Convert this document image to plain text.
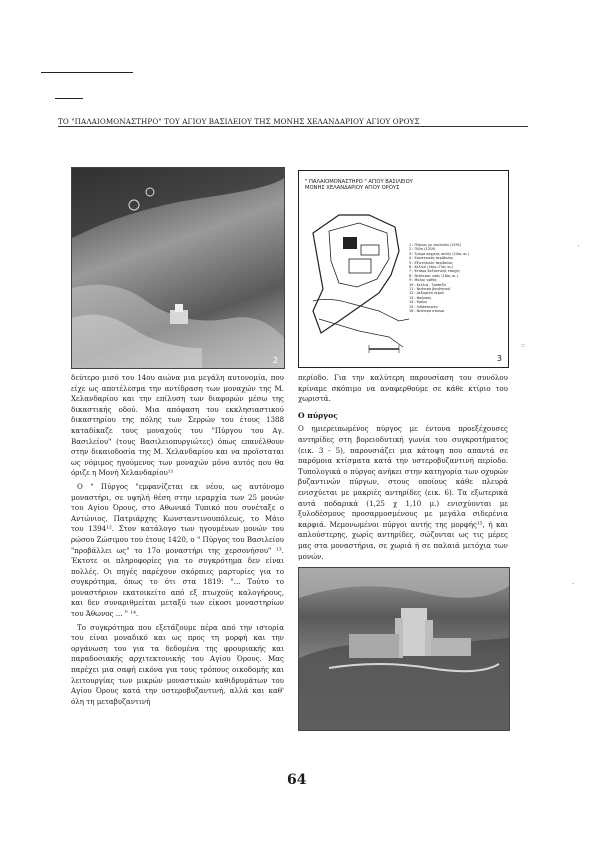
'
::
-
ΤΟ "ΠΑΛΑΙΟΜΟΝΑΣΤΗΡΟ" ΤΟΥ ΑΓΙΟΥ ΒΑΣΙΛΕΙΟΥ ΤΗΣ ΜΟΝΗΣ ΧΕΛΑΝΔΑΡΙΟΥ ΑΓΙΟΥ ΟΡΟΥΣ
2
" ΠΑΛΑΙΟΜΟΝΑΣΤΗΡΟ " ΑΓΙΟΥ ΒΑΣΙΛΕΙΟΥ
ΜΟΝΗΣ ΧΕΛΑΝΔΑΡΙΟΥ ΑΓΙΟΥ ΟΡΟΥΣ
1 : Πύργος με εκκλησία (1391)
2 : Πύλη (1319)
3 : Τμήμα αρχικής αυλής (14ος αι.)
4 : Εσωτερικός περίβολος
5 : Εξωτερικός περίβολος
6 : Κελλιά (16ος-17ος αι.)
7 : Κτίσμα Βυζαντινής εποχής
8 : Νεότερος ναός (18ος αι.)
9 : Μύλος ορθής
10 : Κελλιά - Τράπεζα
11 : Νεότερο βοηθητικό
12 : Δεξαμενή νερού
13 : Φούρνος
14 : Κρήνη
15 : Λιθόστρωτο
16 : Νεότερο κτίσμα
3

δεύτερο μισό του 14ου αιώνα μια μεγάλη αυτονομία, που είχε ως αποτέλεσμα την αντίδραση των μοναχών της Μ. Χελανδαρίου και την επίλυση των διαφορών μέσω της δικαστικής οδού. Μια απόφαση του εκκλησιαστικού δικαστηρίου της πόλης των Σερρών του έτους 1388 καταδίκαζε τους μοναχούς του "Πύργου του Αγ. Βασιλείου" (τους Βασιλειοπυργιώτες) όπως επανέλθουν στην δικαιοδοσία της Μ. Χελανδαρίου και να προϊσταται ως νόμιμος ηγούμενος των μοναχών μόνο αυτός που θα όριζε η Μονή Χελανδαρίου¹¹

Ο " Πύργος "εμφανίζεται εκ νέου, ως αυτόνομο μοναστήρι, σε υψηλή θέση στην ιεραρχία των 25 μονών του Αγίου Όρους, στο Αθωνικό Τυπικό που συνέταξε ο Αντώνιος, Πατριάρχης Κωνσταντινουπόλεως, το Μάιο του 1394¹². Στον κατάλογο των ηγουμένων μονών του ρώσου Ζώσιμου του έτους 1420, ο " Πύργος του Βασιλείου "προβάλλει ως" το 17ο μοναστήρι της χερσονήσου" ¹³. Έκτοτε οι πληροφορίες για το συγκρότημα δεν είναι πολλές. Οι πηγές παρέχουν σκόρπιες μαρτυρίες για το συγκρότημα, όπως το ότι στα 1819: "... Τούτο το μοναστήριον εκατοικείτο από εξ πτωχούς καλογήρους, και δεν συναριθμείται μεταξύ των είκοσι μοναστηρίων του Άθωνος ... " ¹⁴.

Το συγκρότημα που εξετάζουμε πέρα από την ιστορία του είναι μοναδικό και ως προς τη μορφή και την οργάνωση του για τα δεδομένα της φρουριακής και παραδοσιακής αρχιτεκτονικής του Αγίου Όρους. Μας παρέχει μια σαφή εικόνα για τους τρόπους οικοδομής και λειτουργίας των μικρών μοναστικών καθιδρυμάτων του Αγίου Όρους κατά την υστεροβυζαντινή, αλλά και καθ' όλη τη μεταβυζαντινή

περίοδο. Για την καλύτερη παρουσίαση του συνόλου κρίναμε σκόπιμο να αναφερθούμε σε κάθε κτίριο του χωριστά.

Ο πύργος

Ο ημιερειπωμένος πύργος με έντονα προεξέχουσες αντηρίδες στη βορειοδυτική γωνία του συγκροτήματος (εικ. 3 - 5), παρουσιάζει μια κάτοψη που απαντά σε παρόμοια κτίσματα κατά την υστεροβυζαντινή περίοδο. Τυπολογικά ο πύργος ανήκει στην κατηγορία των οχυρών βυζαντινών πύργων, στους οποίους κάθε πλευρά ενισχύεται με μακριές αντηρίδες (εικ. 6). Τα εξωτερικά αυτά ποδαρικά (1,25 χ 1,10 μ.) ενισχύονται με ξυλοδέσμους προσαρμοσμένους με μεγάλα σιδερένια καρφιά. Μεμονωμένοι πύργοι αυτής της μορφής¹⁵, ή και απλούστερης, χωρίς αντηρίδες, σώζονται ως τις μέρες μας στα μοναστήρια, σε χωριά ή σε παλαιά μετόχια των μονών.

64
